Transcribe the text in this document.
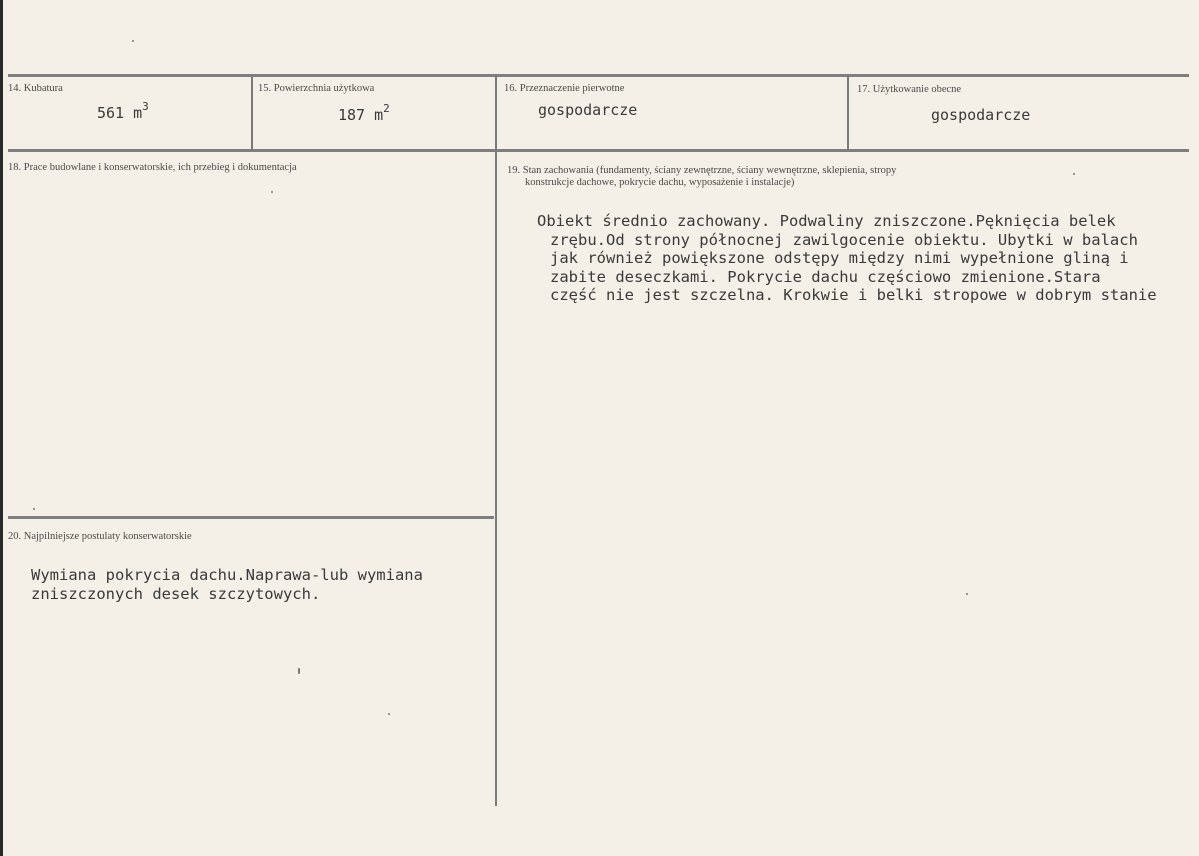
14. Kubatura
561 $m^3$
15. Powierzchnia użytkowa
187 $m^2$
16. Przeznaczenie pierwotne
gospodarcze
17. Użytkowanie obecne
gospodarcze
18. Prace budowlane i konserwatorskie, ich przebieg i dokumentacja	19. Stan zachowania (fundamenty, ściany zewnętrzne, ściany wewnętrzne, sklepienia, stropy
konstrukcje dachowe, pokrycie dachu, wyposażenie i instalacje)
Obiekt średnio zachowany. Podwaliny zniszczone.Pęknięcia belek
zrębu.Od strony północnej zawilgocenie obiektu. Ubytki w balach
jak również powiększone odstępy między nimi wypełnione gliną i
zabite deseczkami. Pokrycie dachu częściowo zmienione.Stara
część nie jest szczelna. Krokwie i belki stropowe w dobrym stanie
20. Najpilniejsze postulaty konserwatorskie
Wymiana pokrycia dachu.Naprawa-lub wymiana
zniszczonych desek szczytowych.
